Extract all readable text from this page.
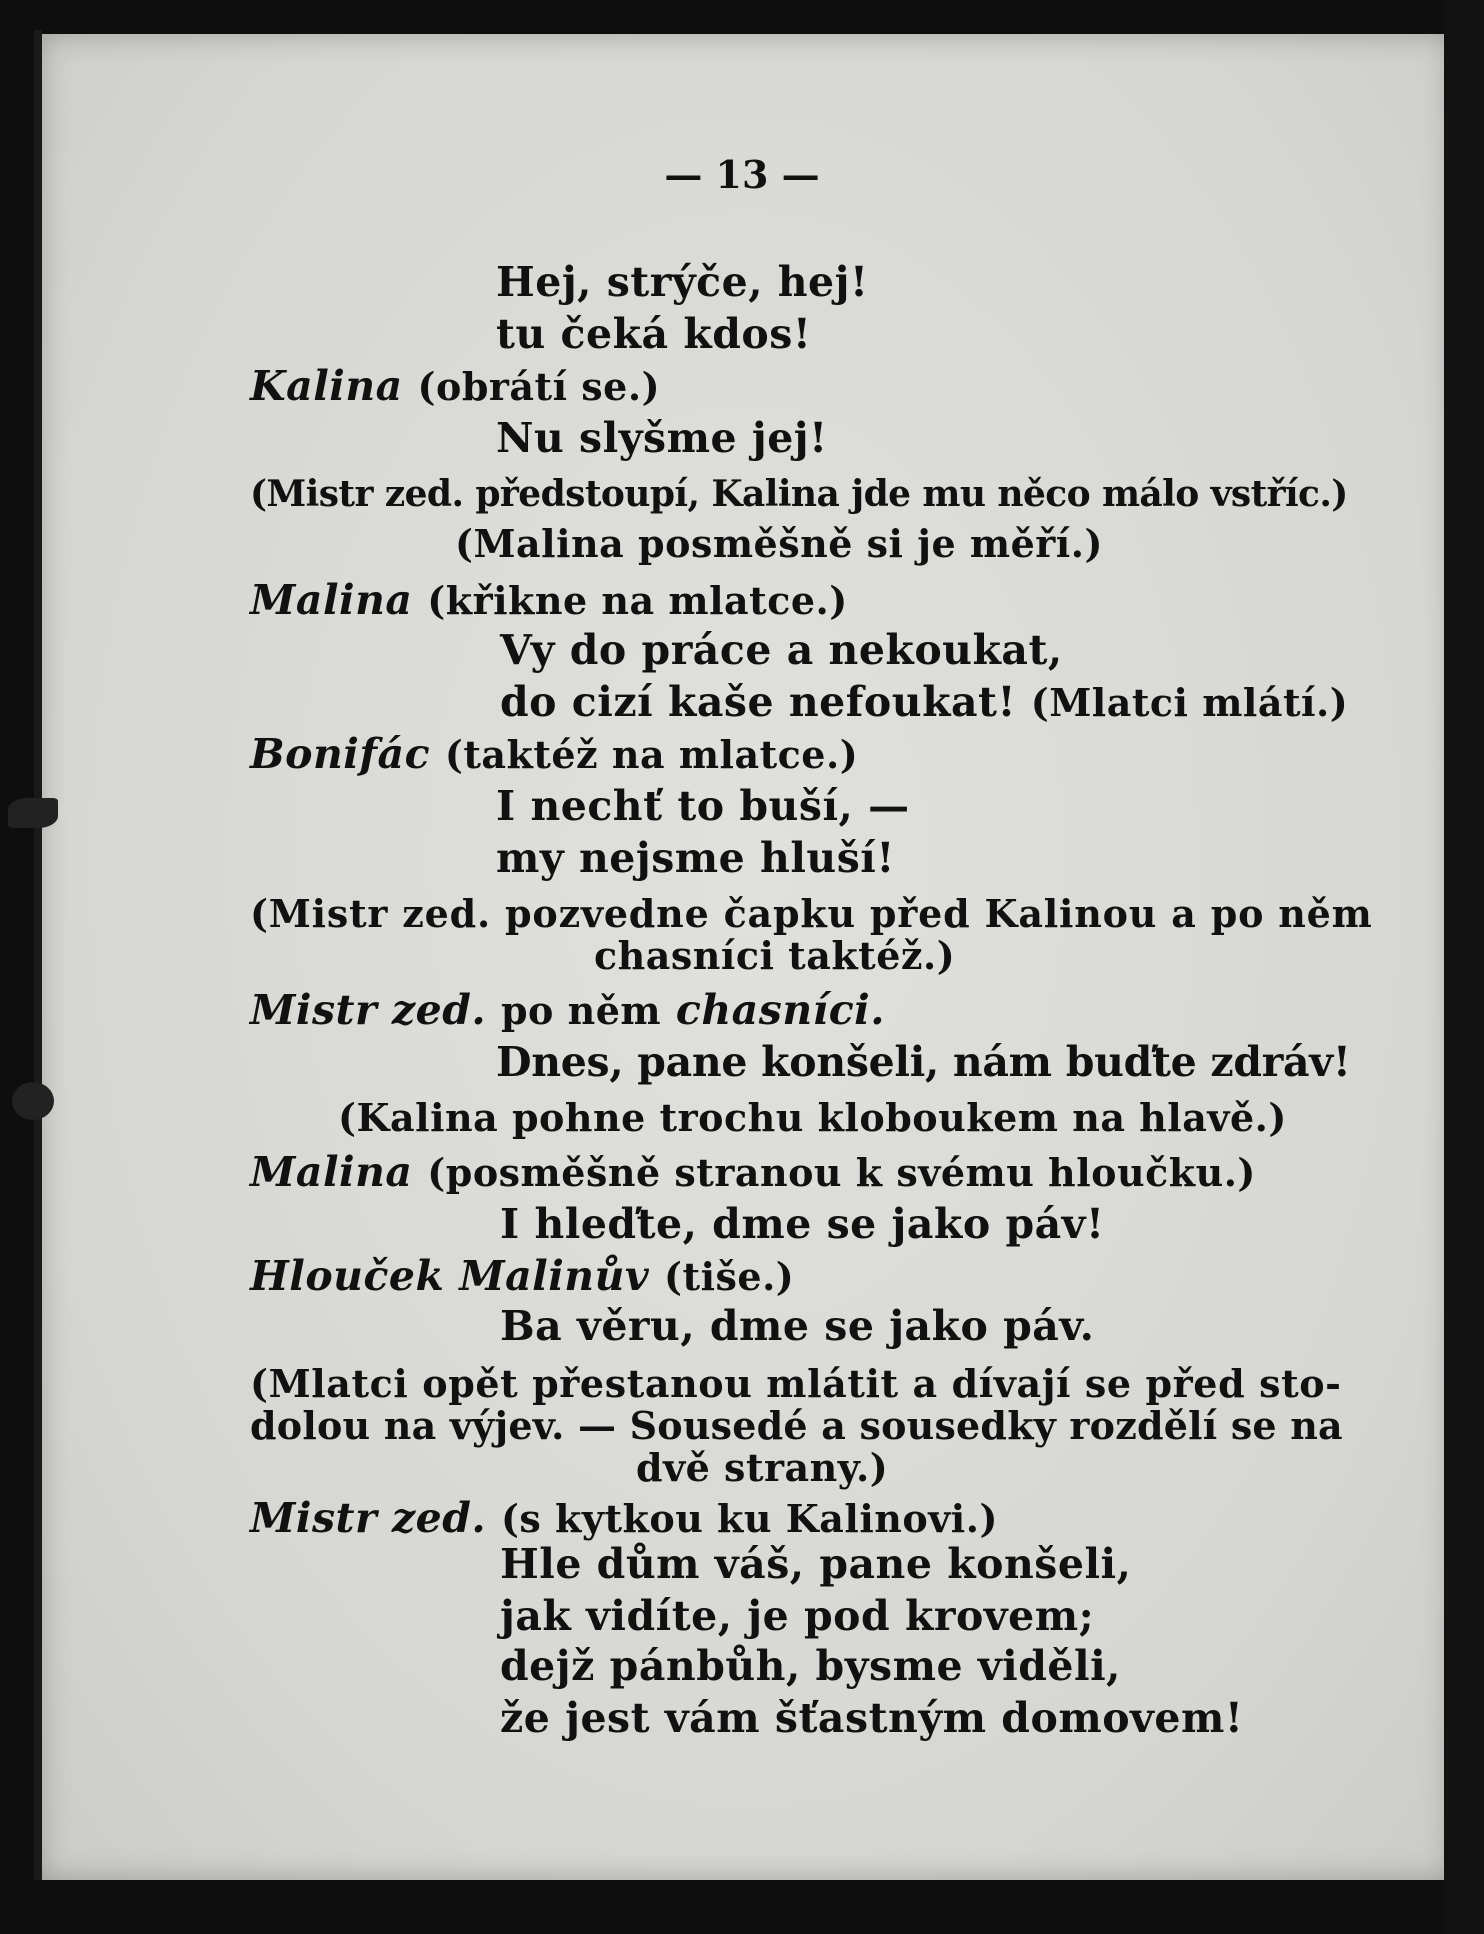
— 13 —
Hej, strýče, hej!
tu čeká kdos!
Kalina (obrátí se.)
Nu slyšme jej!
(Mistr zed. předstoupí, Kalina jde mu něco málo vstříc.)
(Malina posměšně si je měří.)
Malina (křikne na mlatce.)
Vy do práce a nekoukat,
do cizí kaše nefoukat! (Mlatci mlátí.)
Bonifác (taktéž na mlatce.)
I nechť to buší, —
my nejsme hluší!
(Mistr zed. pozvedne čapku před Kalinou a po něm
chasníci taktéž.)
Mistr zed. po něm chasníci.
Dnes, pane konšeli, nám buďte zdráv!
(Kalina pohne trochu kloboukem na hlavě.)
Malina (posměšně stranou k svému hloučku.)
I hleďte, dme se jako páv!
Hlouček Malinův (tiše.)
Ba věru, dme se jako páv.
(Mlatci opět přestanou mlátit a dívají se před sto-
dolou na výjev. — Sousedé a sousedky rozdělí se na
dvě strany.)
Mistr zed. (s kytkou ku Kalinovi.)
Hle dům váš, pane konšeli,
jak vidíte, je pod krovem;
dejž pánbůh, bysme viděli,
že jest vám šťastným domovem!
